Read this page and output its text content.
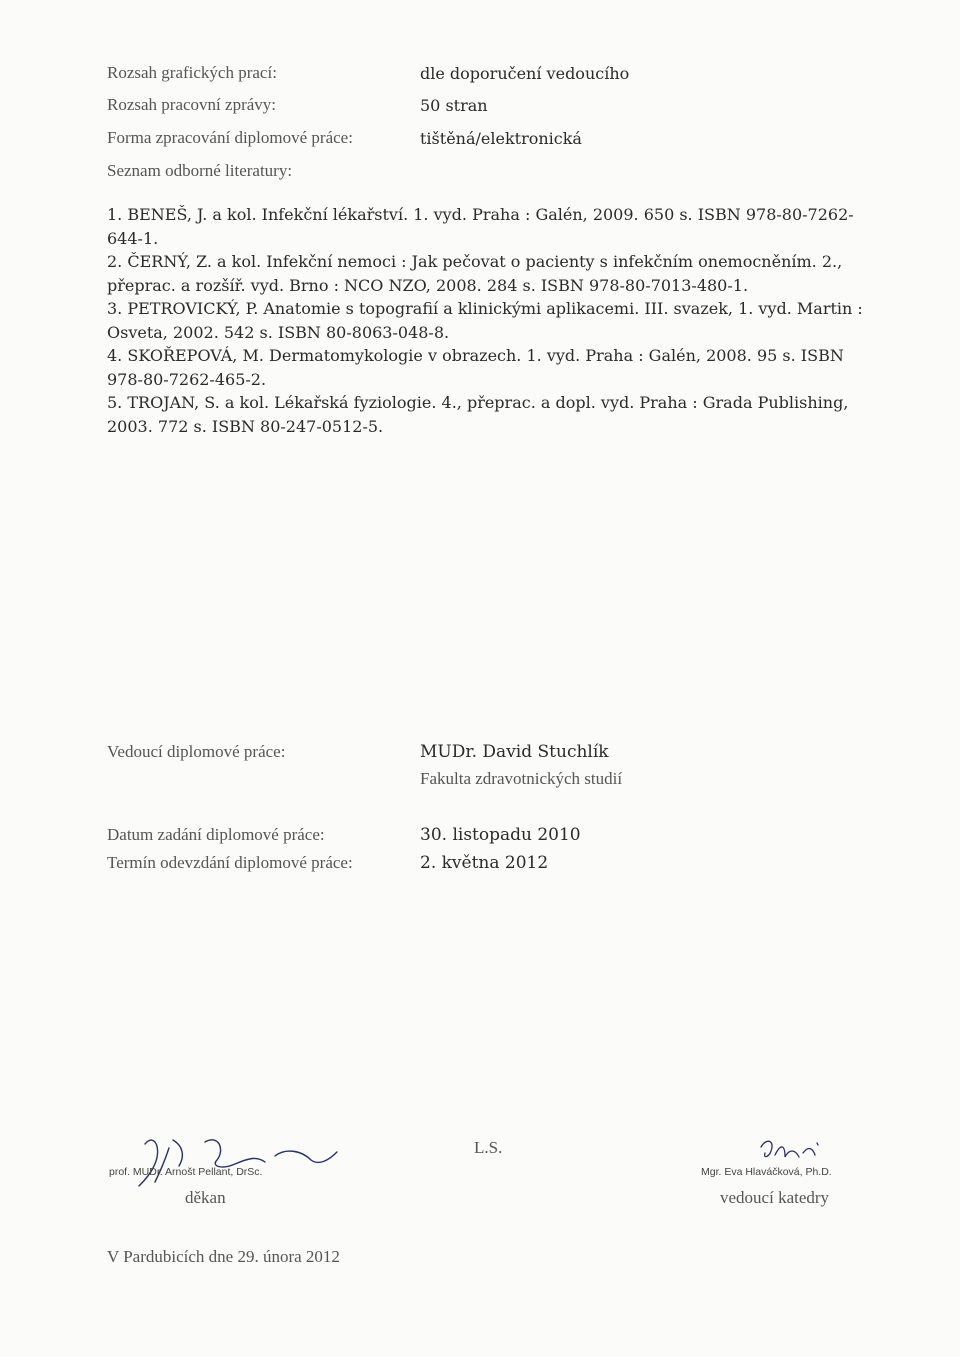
Rozsah grafických prací:	dle doporučení vedoucího
Rozsah pracovní zprávy:	50 stran
Forma zpracování diplomové práce:	tištěná/elektronická
Seznam odborné literatury:
1. BENEŠ, J. a kol. Infekční lékařství. 1. vyd. Praha : Galén, 2009. 650 s. ISBN 978-80-7262-644-1.
2. ČERNÝ, Z. a kol. Infekční nemoci : Jak pečovat o pacienty s infekčním onemocněním. 2., přeprac. a rozšíř. vyd. Brno : NCO NZO, 2008. 284 s. ISBN 978-80-7013-480-1.
3. PETROVICKÝ, P. Anatomie s topografií a klinickými aplikacemi. III. svazek, 1. vyd. Martin : Osveta, 2002. 542 s. ISBN 80-8063-048-8.
4. SKOŘEPOVÁ, M. Dermatomykologie v obrazech. 1. vyd. Praha : Galén, 2008. 95 s. ISBN 978-80-7262-465-2.
5. TROJAN, S. a kol. Lékařská fyziologie. 4., přeprac. a dopl. vyd. Praha : Grada Publishing, 2003. 772 s. ISBN 80-247-0512-5.
Vedoucí diplomové práce:	MUDr. David Stuchlík
Fakulta zdravotnických studií
Datum zadání diplomové práce:	30. listopadu 2010
Termín odevzdání diplomové práce:	2. května 2012
prof. MUDr. Arnošt Pellant, DrSc.
děkan
L.S.
Mgr. Eva Hlaváčková, Ph.D.
vedoucí katedry
V Pardubicích dne 29. února 2012
